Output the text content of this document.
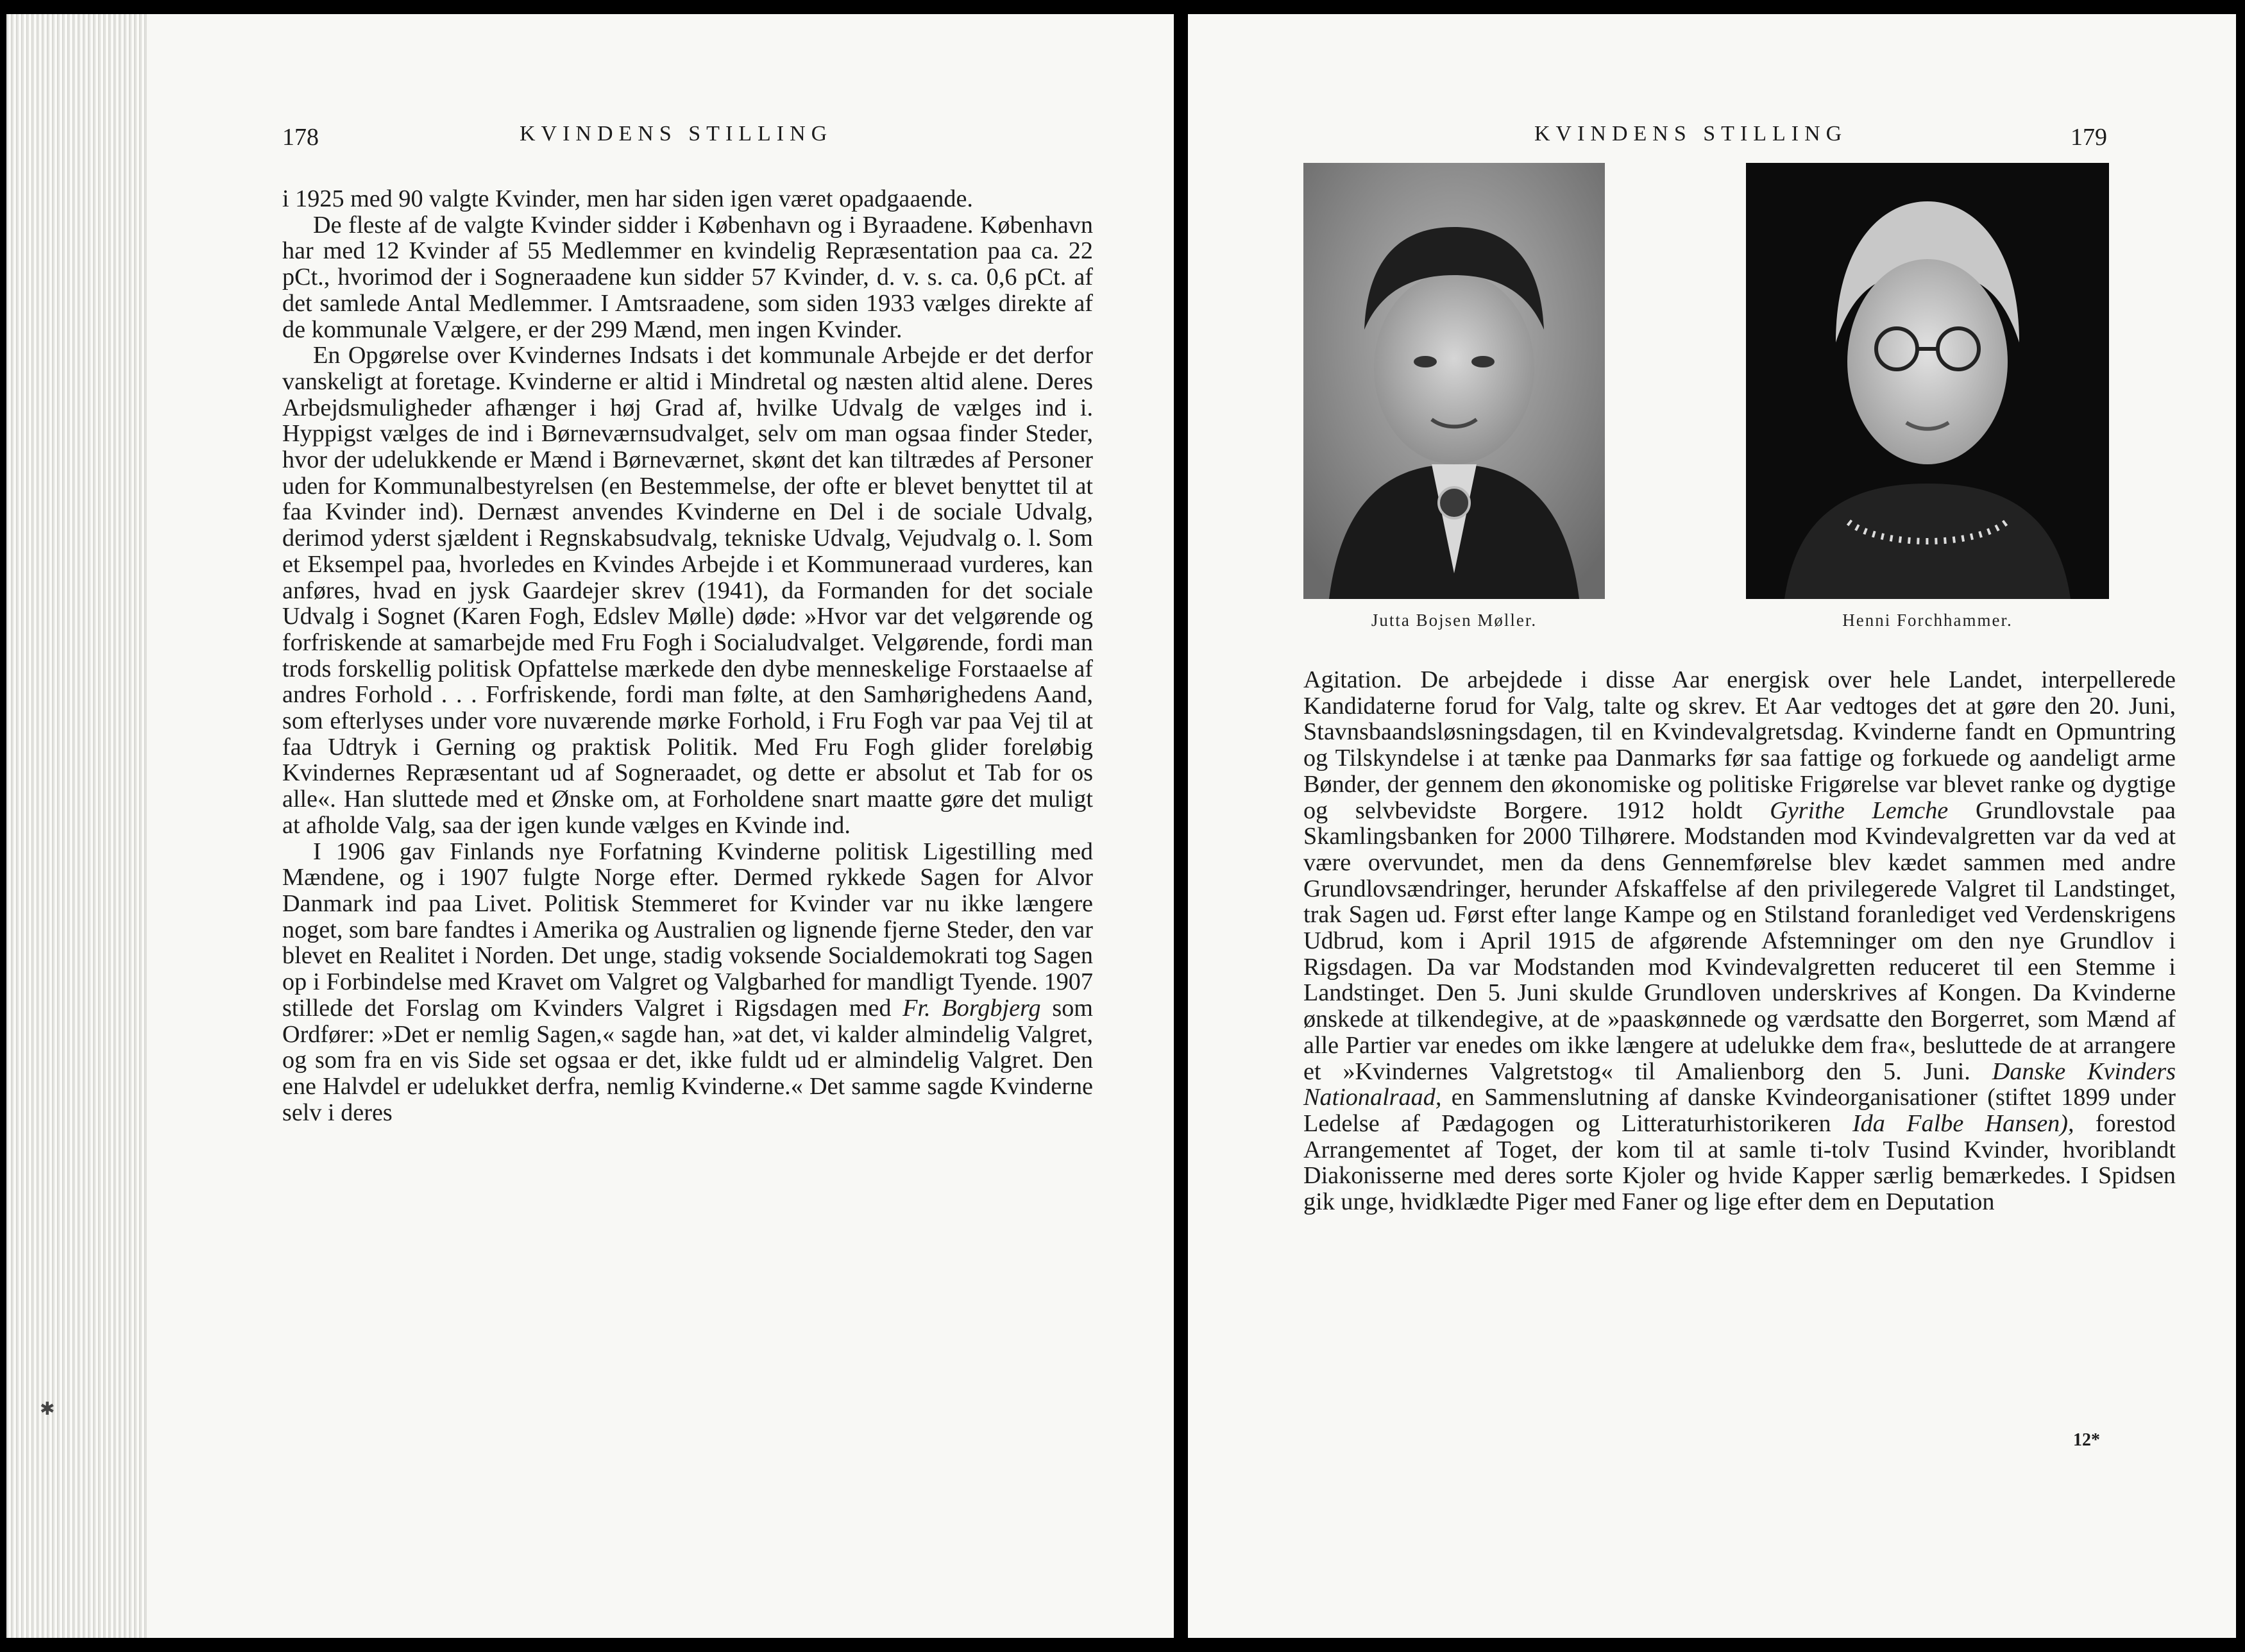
✱
178	KVINDENS STILLING

i 1925 med 90 valgte Kvinder, men har siden igen været opadgaaende.

De fleste af de valgte Kvinder sidder i København og i Byraadene. København har med 12 Kvinder af 55 Medlemmer en kvindelig Repræsentation paa ca. 22 pCt., hvorimod der i Sogneraadene kun sidder 57 Kvinder, d. v. s. ca. 0,6 pCt. af det samlede Antal Medlemmer. I Amtsraadene, som siden 1933 vælges direkte af de kommunale Vælgere, er der 299 Mænd, men ingen Kvinder.

En Opgørelse over Kvindernes Indsats i det kommunale Arbejde er det derfor vanskeligt at foretage. Kvinderne er altid i Mindretal og næsten altid alene. Deres Arbejdsmuligheder afhænger i høj Grad af, hvilke Udvalg de vælges ind i. Hyppigst vælges de ind i Børneværnsudvalget, selv om man ogsaa finder Steder, hvor der udelukkende er Mænd i Børneværnet, skønt det kan tiltrædes af Personer uden for Kommunalbestyrelsen (en Bestemmelse, der ofte er blevet benyttet til at faa Kvinder ind). Dernæst anvendes Kvinderne en Del i de sociale Udvalg, derimod yderst sjældent i Regnskabsudvalg, tekniske Udvalg, Vejudvalg o. l. Som et Eksempel paa, hvorledes en Kvindes Arbejde i et Kommuneraad vurderes, kan anføres, hvad en jysk Gaardejer skrev (1941), da Formanden for det sociale Udvalg i Sognet (Karen Fogh, Edslev Mølle) døde: »Hvor var det velgørende og forfriskende at samarbejde med Fru Fogh i Socialudvalget. Velgørende, fordi man trods forskellig politisk Opfattelse mærkede den dybe menneskelige Forstaaelse af andres Forhold . . . Forfriskende, fordi man følte, at den Samhørighedens Aand, som efterlyses under vore nuværende mørke Forhold, i Fru Fogh var paa Vej til at faa Udtryk i Gerning og praktisk Politik. Med Fru Fogh glider foreløbig Kvindernes Repræsentant ud af Sogneraadet, og dette er absolut et Tab for os alle«. Han sluttede med et Ønske om, at Forholdene snart maatte gøre det muligt at afholde Valg, saa der igen kunde vælges en Kvinde ind.

I 1906 gav Finlands nye Forfatning Kvinderne politisk Ligestilling med Mændene, og i 1907 fulgte Norge efter. Dermed rykkede Sagen for Alvor Danmark ind paa Livet. Politisk Stemmeret for Kvinder var nu ikke længere noget, som bare fandtes i Amerika og Australien og lignende fjerne Steder, den var blevet en Realitet i Norden. Det unge, stadig voksende Socialdemokrati tog Sagen op i Forbindelse med Kravet om Valgret og Valgbarhed for mandligt Tyende. 1907 stillede det Forslag om Kvinders Valgret i Rigsdagen med Fr. Borgbjerg som Ordfører: »Det er nemlig Sagen,« sagde han, »at det, vi kalder almindelig Valgret, og som fra en vis Side set ogsaa er det, ikke fuldt ud er almindelig Valgret. Den ene Halvdel er udelukket derfra, nemlig Kvinderne.« Det samme sagde Kvinderne selv i deres

KVINDENS STILLING	179
Jutta Bojsen Møller.	Henni Forchhammer.

Agitation. De arbejdede i disse Aar energisk over hele Landet, interpellerede Kandidaterne forud for Valg, talte og skrev. Et Aar vedtoges det at gøre den 20. Juni, Stavnsbaandsløsningsdagen, til en Kvindevalgretsdag. Kvinderne fandt en Opmuntring og Tilskyndelse i at tænke paa Danmarks før saa fattige og forkuede og aandeligt arme Bønder, der gennem den økonomiske og politiske Frigørelse var blevet ranke og dygtige og selvbevidste Borgere. 1912 holdt Gyrithe Lemche Grundlovstale paa Skamlingsbanken for 2000 Tilhørere. Modstanden mod Kvindevalgretten var da ved at være overvundet, men da dens Gennemførelse blev kædet sammen med andre Grundlovsændringer, herunder Afskaffelse af den privilegerede Valgret til Landstinget, trak Sagen ud. Først efter lange Kampe og en Stilstand foranlediget ved Verdenskrigens Udbrud, kom i April 1915 de afgørende Afstemninger om den nye Grundlov i Rigsdagen. Da var Modstanden mod Kvindevalgretten reduceret til een Stemme i Landstinget. Den 5. Juni skulde Grundloven underskrives af Kongen. Da Kvinderne ønskede at tilkendegive, at de »paaskønnede og værdsatte den Borgerret, som Mænd af alle Partier var enedes om ikke længere at udelukke dem fra«, besluttede de at arrangere et »Kvindernes Valgretstog« til Amalienborg den 5. Juni. Danske Kvinders Nationalraad, en Sammenslutning af danske Kvindeorganisationer (stiftet 1899 under Ledelse af Pædagogen og Litteraturhistorikeren Ida Falbe Hansen), forestod Arrangementet af Toget, der kom til at samle ti-tolv Tusind Kvinder, hvoriblandt Diakonisserne med deres sorte Kjoler og hvide Kapper særlig bemærkedes. I Spidsen gik unge, hvidklædte Piger med Faner og lige efter dem en Deputation

12*
